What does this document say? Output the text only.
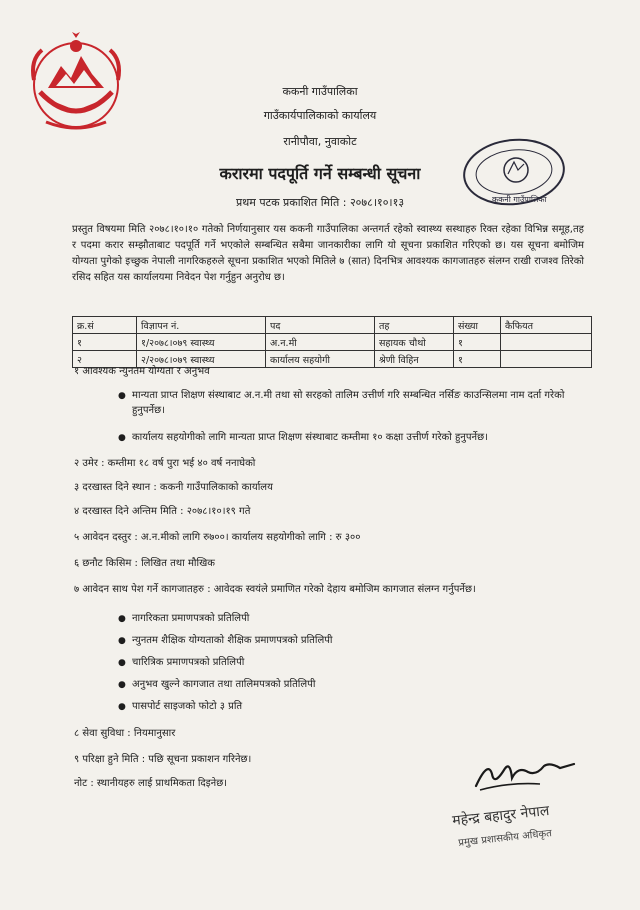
ककनी गाउँपालिका
गाउँकार्यपालिकाको कार्यालय
रानीपौवा, नुवाकोट
करारमा पदपूर्ति गर्ने सम्बन्धी सूचना
प्रथम पटक प्रकाशित मिति : २०७८।१०।१३	ककनी गाउँपालिका
प्रस्तुत विषयमा मिति २०७८।१०।१० गतेको निर्णयानुसार यस ककनी गाउँपालिका अन्तगर्त रहेको स्वास्थ्य सस्थाहरु रिक्त रहेका विभिन्न समूह,तह र पदमा करार सम्झौताबाट पदपूर्ति गर्ने भएकोले सम्बन्धित सबैमा जानकारीका लागि यो सूचना प्रकाशित गरिएको छ। यस सूचना बमोजिम योग्यता पुगेको इच्छुक नेपाली नागरिकहरुले सूचना प्रकाशित भएको मितिले ७ (सात) दिनभित्र आवश्यक कागजातहरु संलग्न राखी राजश्व तिरेको रसिद सहित यस कार्यालयमा निवेदन पेश गर्नुहुन अनुरोध छ।
क्र.सं	विज्ञापन नं.	पद	तह	संख्या	कैफियत
१	१/२०७८।०७९ स्वास्थ्य	अ.न.मी	सहायक चौथो	१	
२	२/२०७८।०७९ स्वास्थ्य	कार्यालय सहयोगी	श्रेणी विहिन	१	
१ आवश्यक न्युनतम योग्यता र अनुभव
● मान्यता प्राप्त शिक्षण संस्थाबाट अ.न.मी तथा सो सरहको तालिम उत्तीर्ण गरि सम्बन्धित नर्सिङ काउन्सिलमा नाम दर्ता गरेको हुनुपर्नेछ।
● कार्यालय सहयोगीको लागि मान्यता प्राप्त शिक्षण संस्थाबाट कम्तीमा १० कक्षा उत्तीर्ण गरेको हुनुपर्नेछ।
२ उमेर : कम्तीमा १८ वर्ष पुरा भई ४० वर्ष ननाघेको
३ दरखास्त दिने स्थान : ककनी गाउँपालिकाको कार्यालय
४ दरखास्त दिने अन्तिम मिति : २०७८।१०।१९ गते
५ आवेदन दस्तुर : अ.न.मीको लागि रु७००। कार्यालय सहयोगीको लागि : रु ३००
६ छनौट किसिम : लिखित तथा मौखिक
७ आवेदन साथ पेश गर्ने कागजातहरु : आवेदक स्वयंले प्रमाणित गरेको देहाय बमोजिम कागजात संलग्न गर्नुपर्नेछ।
● नागरिकता प्रमाणपत्रको प्रतिलिपी
● न्युनतम शैक्षिक योग्यताको शैक्षिक प्रमाणपत्रको प्रतिलिपी
● चारित्रिक प्रमाणपत्रको प्रतिलिपी
● अनुभव खुल्ने कागजात तथा तालिमपत्रको प्रतिलिपी
● पासपोर्ट साइजको फोटो ३ प्रति
८ सेवा सुविधा : नियमानुसार
९ परिक्षा हुने मिति : पछि सूचना प्रकाशन गरिनेछ।
नोट : स्थानीयहरु लाई प्राथमिकता दिइनेछ।
महेन्द्र बहादुर नेपाल
प्रमुख प्रशासकीय अधिकृत
